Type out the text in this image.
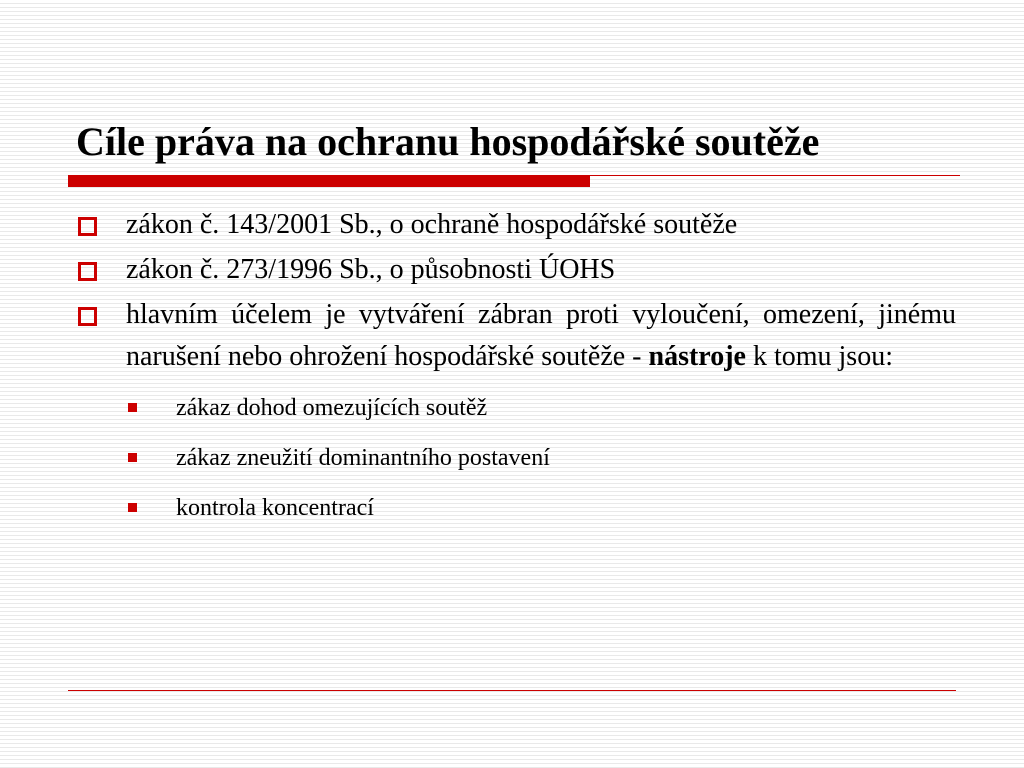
Cíle práva na ochranu hospodářské soutěže
zákon č. 143/2001 Sb., o ochraně hospodářské soutěže
zákon č. 273/1996 Sb., o působnosti ÚOHS
hlavním účelem je vytváření zábran proti vyloučení, omezení, jinému narušení nebo ohrožení hospodářské soutěže - nástroje k tomu jsou:
zákaz dohod omezujících soutěž
zákaz zneužití dominantního postavení
kontrola koncentrací
